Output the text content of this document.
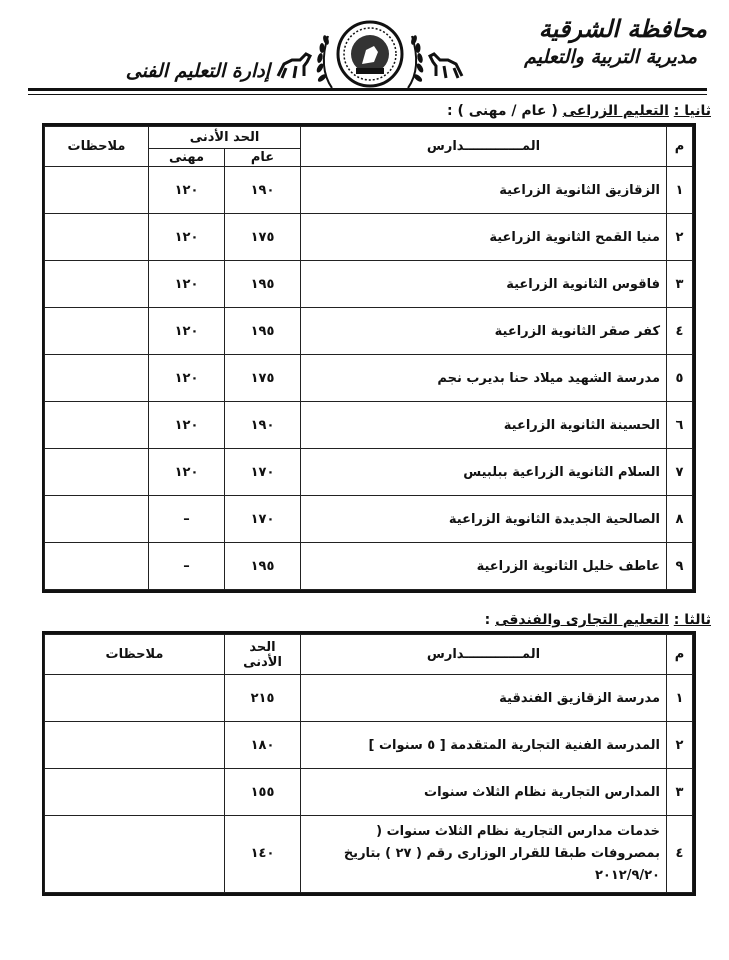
محافظة الشرقية
مديرية التربية والتعليم
إدارة التعليم الفنى
ثانيا : التعليم الزراعى ( عام / مهنى ) :
م	المـــــــــــــدارس	الحد الأدنى		ملاحظات
		عام	مهنى	
١	الزقازيق الثانوية الزراعية	١٩٠	١٢٠	
٢	منيا القمح الثانوية الزراعية	١٧٥	١٢٠	
٣	فاقوس الثانوية الزراعية	١٩٥	١٢٠	
٤	كفر صقر الثانوية الزراعية	١٩٥	١٢٠	
٥	مدرسة الشهيد ميلاد حنا بديرب نجم	١٧٥	١٢٠	
٦	الحسينة الثانوية الزراعية	١٩٠	١٢٠	
٧	السلام الثانوية الزراعية ببلبيس	١٧٠	١٢٠	
٨	الصالحية الجديدة الثانوية الزراعية	١٧٠	–	
٩	عاطف خليل الثانوية الزراعية	١٩٥	–	
ثالثا : التعليم التجارى والفندقى :
م	المـــــــــــــدارس	الحد الأدنى	ملاحظات
١	مدرسة الزقازيق الفندقية	٢١٥	
٢	المدرسة الفنية التجارية المتقدمة [ ٥ سنوات ]	١٨٠	
٣	المدارس التجارية نظام الثلاث سنوات	١٥٥	
٤	خدمات مدارس التجارية نظام الثلاث سنوات ( بمصروفات طبقا للقرار الوزارى رقم ( ٢٧ ) بتاريخ ٢٠١٢/٩/٢٠	١٤٠	
